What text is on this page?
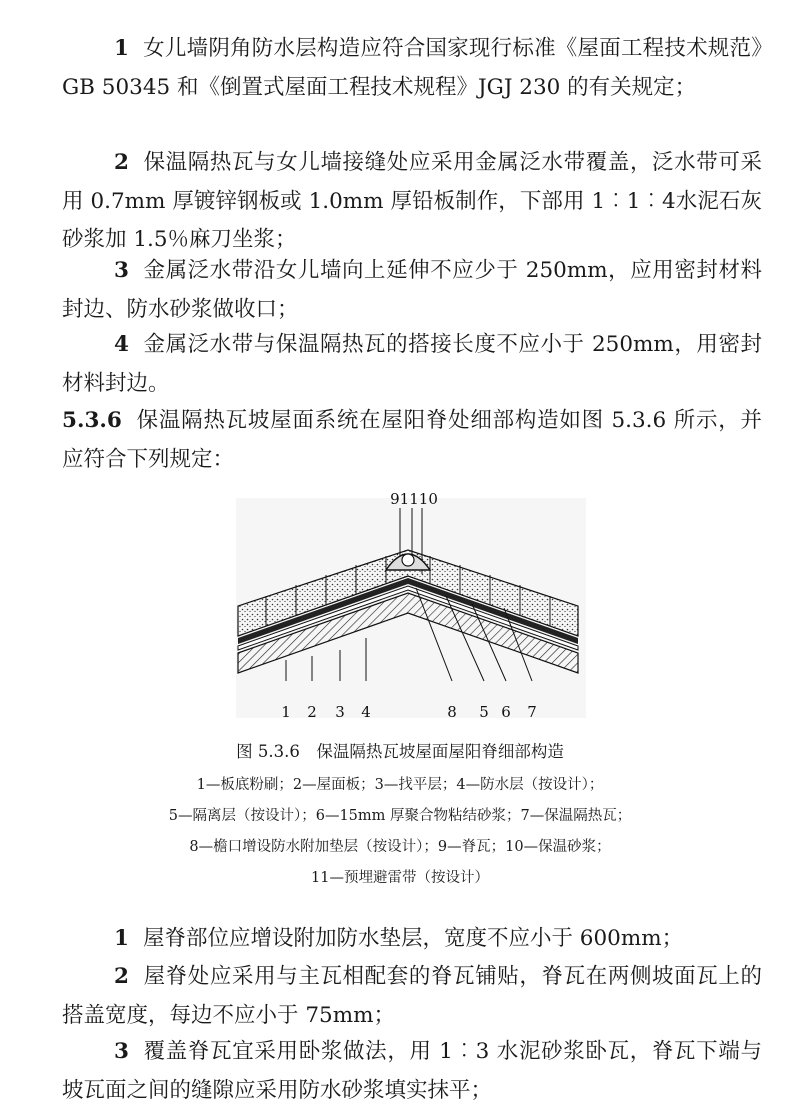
1 女儿墙阴角防水层构造应符合国家现行标准《屋面工程技术规范》GB 50345 和《倒置式屋面工程技术规程》JGJ 230 的有关规定；

2 保温隔热瓦与女儿墙接缝处应采用金属泛水带覆盖，泛水带可采用 0.7mm 厚镀锌钢板或 1.0mm 厚铅板制作，下部用 1︰1︰4水泥石灰砂浆加 1.5％麻刀坐浆；

3 金属泛水带沿女儿墙向上延伸不应少于 250mm，应用密封材料封边、防水砂浆做收口；

4 金属泛水带与保温隔热瓦的搭接长度不应小于 250mm，用密封材料封边。

5.3.6 保温隔热瓦坡屋面系统在屋阳脊处细部构造如图 5.3.6 所示，并应符合下列规定：

91110
1 2 3 4	8 5 6 7
图 5.3.6　保温隔热瓦坡屋面屋阳脊细部构造
1—板底粉刷；2—屋面板；3—找平层；4—防水层（按设计）；
5—隔离层（按设计）；6—15mm 厚聚合物粘结砂浆；7—保温隔热瓦；
8—檐口增设防水附加垫层（按设计）；9—脊瓦；10—保温砂浆；
11—预埋避雷带（按设计）

1 屋脊部位应增设附加防水垫层，宽度不应小于 600mm；

2 屋脊处应采用与主瓦相配套的脊瓦铺贴，脊瓦在两侧坡面瓦上的搭盖宽度，每边不应小于 75mm；

3 覆盖脊瓦宜采用卧浆做法，用 1︰3 水泥砂浆卧瓦，脊瓦下端与坡瓦面之间的缝隙应采用防水砂浆填实抹平；
